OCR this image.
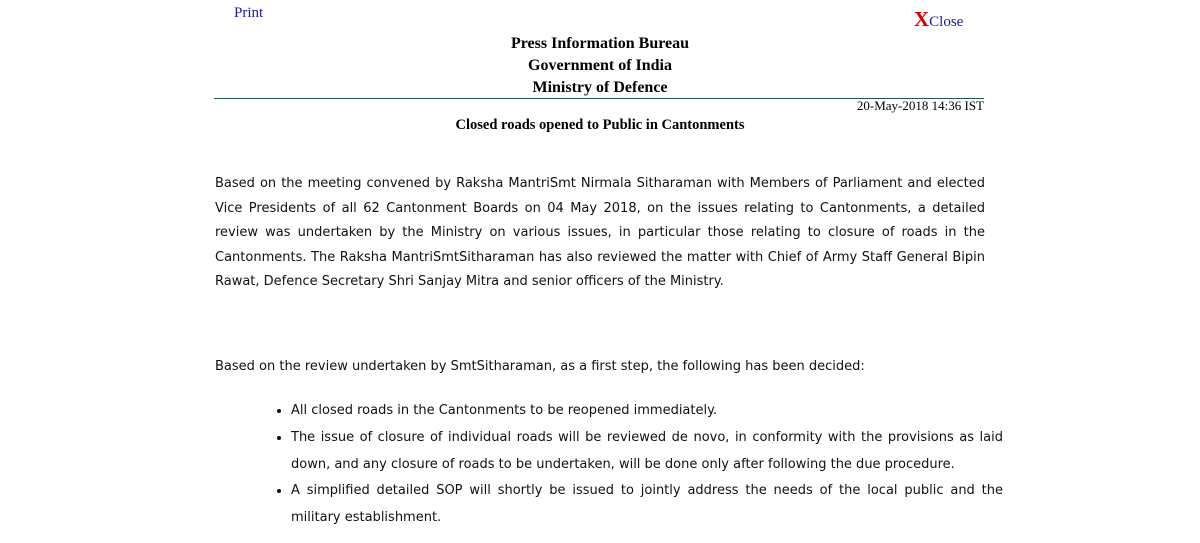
Print	XClose
Press Information Bureau
Government of India
Ministry of Defence
20-May-2018 14:36 IST
Closed roads opened to Public in Cantonments
Based on the meeting convened by Raksha MantriSmt Nirmala Sitharaman with Members of Parliament and elected Vice Presidents of all 62 Cantonment Boards on 04 May 2018, on the issues relating to Cantonments, a detailed review was undertaken by the Ministry on various issues, in particular those relating to closure of roads in the Cantonments. The Raksha MantriSmtSitharaman has also reviewed the matter with Chief of Army Staff General Bipin Rawat, Defence Secretary Shri Sanjay Mitra and senior officers of the Ministry.
Based on the review undertaken by SmtSitharaman, as a first step, the following has been decided:
• All closed roads in the Cantonments to be reopened immediately.
• The issue of closure of individual roads will be reviewed de novo, in conformity with the provisions as laid down, and any closure of roads to be undertaken, will be done only after following the due procedure.
• A simplified detailed SOP will shortly be issued to jointly address the needs of the local public and the military establishment.
